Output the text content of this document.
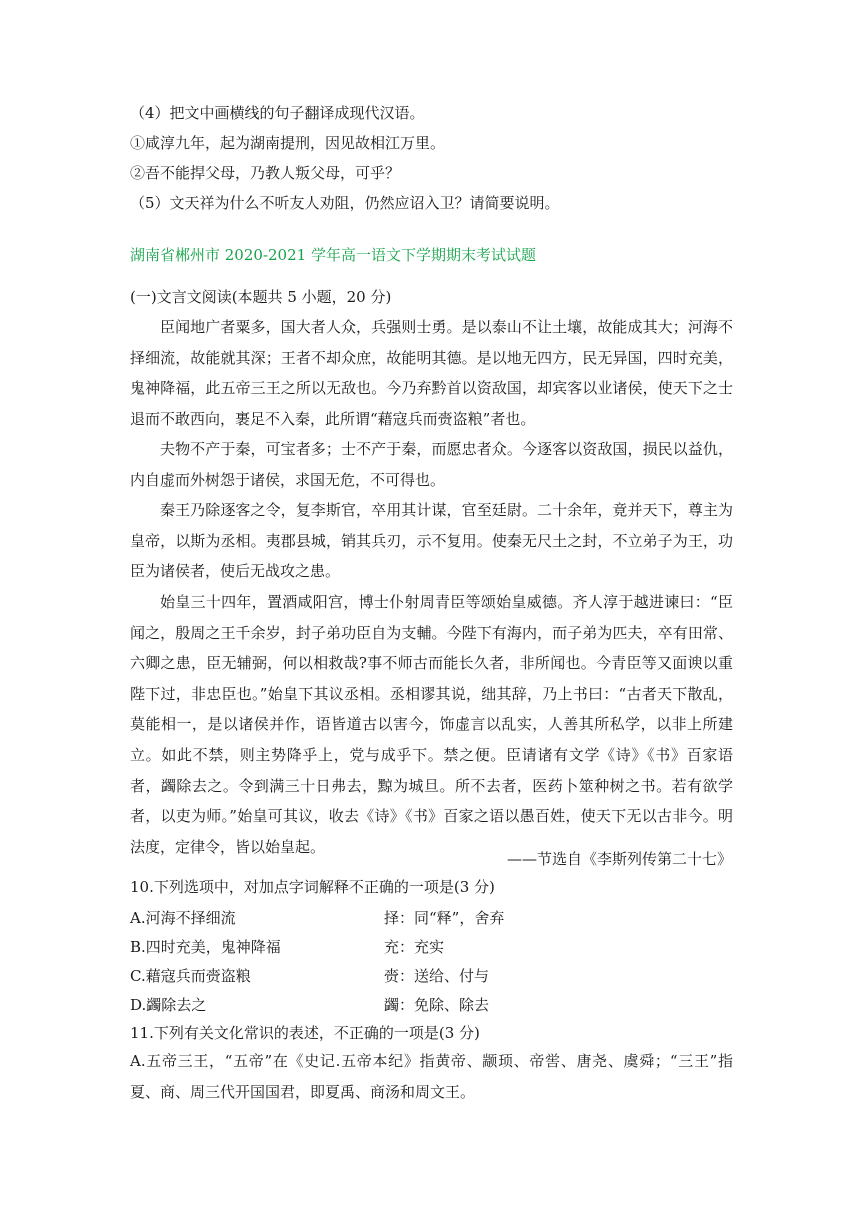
（4）把文中画横线的句子翻译成现代汉语。
①咸淳九年，起为湖南提刑，因见故相江万里。
②吾不能捍父母，乃教人叛父母，可乎？
（5）文天祥为什么不听友人劝阻，仍然应诏入卫？请简要说明。
湖南省郴州市 2020-2021 学年高一语文下学期期末考试试题
(一)文言文阅读(本题共 5 小题，20 分)

臣闻地广者粟多，国大者人众，兵强则士勇。是以泰山不让土壤，故能成其大；河海不择细流，故能就其深；王者不却众庶，故能明其德。是以地无四方，民无异国，四时充美，鬼神降福，此五帝三王之所以无敌也。今乃弃黔首以资敌国，却宾客以业诸侯，使天下之士退而不敢西向，裹足不入秦，此所谓“藉寇兵而赍盗粮”者也。

夫物不产于秦，可宝者多；士不产于秦，而愿忠者众。今逐客以资敌国，损民以益仇，内自虚而外树怨于诸侯，求国无危，不可得也。

秦王乃除逐客之令，复李斯官，卒用其计谋，官至廷尉。二十余年，竟并天下，尊主为皇帝，以斯为丞相。夷郡县城，销其兵刃，示不复用。使秦无尺土之封，不立弟子为王，功臣为诸侯者，使后无战攻之患。

始皇三十四年，置酒咸阳宫，博士仆射周青臣等颂始皇威德。齐人淳于越进谏曰：“臣闻之，殷周之王千余岁，封子弟功臣自为支輔。今陛下有海内，而子弟为匹夫，卒有田常、六卿之患，臣无辅弼，何以相救哉?事不师古而能长久者，非所闻也。今青臣等又面谀以重陛下过，非忠臣也。”始皇下其议丞相。丞相谬其说，绌其辞，乃上书曰：“古者天下散乱，莫能相一，是以诸侯并作，语皆道古以害今，饰虚言以乱实，人善其所私学，以非上所建立。如此不禁，则主势降乎上，党与成乎下。禁之便。臣请诸有文学《诗》《书》百家语者，蠲除去之。令到满三十日弗去，黥为城旦。所不去者，医药卜筮种树之书。若有欲学者，以吏为师。”始皇可其议，收去《诗》《书》百家之语以愚百姓，使天下无以古非今。明法度，定律令，皆以始皇起。

——节选自《李斯列传第二十七》
10.下列选项中，对加点字词解释不正确的一项是(3 分)
A.河海不择细流	择：同“释”，舍弃
B.四时充美，鬼神降福	充：充实
C.藉寇兵而赍盗粮	赍：送给、付与
D.蠲除去之	蠲：免除、除去
11.下列有关文化常识的表述，不正确的一项是(3 分)

A.五帝三王，“五帝”在《史记.五帝本纪》指黄帝、颛顼、帝喾、唐尧、虞舜；“三王”指夏、商、周三代开国国君，即夏禹、商汤和周文王。
